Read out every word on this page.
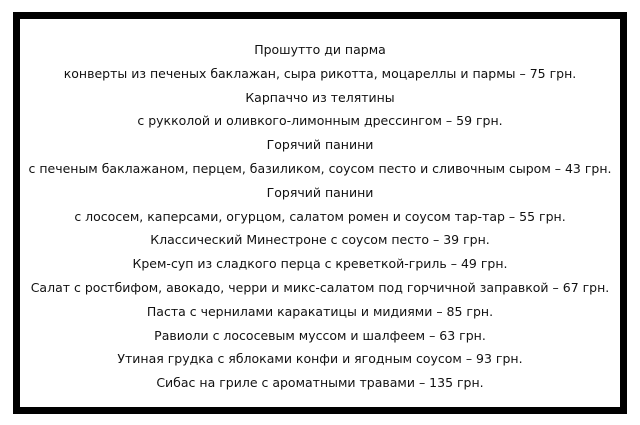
Прошутто ди парма
конверты из печеных баклажан, сыра рикотта, моцареллы и пармы – 75 грн.
Карпаччо из телятины
с рукколой и оливкого-лимонным дрессингом – 59 грн.
Горячий панини
с печеным баклажаном, перцем, базиликом, соусом песто и сливочным сыром – 43 грн.
Горячий панини
с лососем, каперсами, огурцом, салатом ромен и соусом тар-тар – 55 грн.
Классический Минестроне с соусом песто – 39 грн.
Крем-суп из сладкого перца с креветкой-гриль – 49 грн.
Салат с ростбифом, авокадо, черри и микс-салатом под горчичной заправкой – 67 грн.
Паста с чернилами каракатицы и мидиями – 85 грн.
Равиоли с лососевым муссом и шалфеем – 63 грн.
Утиная грудка с яблоками конфи и ягодным соусом – 93 грн.
Сибас на гриле с ароматными травами – 135 грн.
